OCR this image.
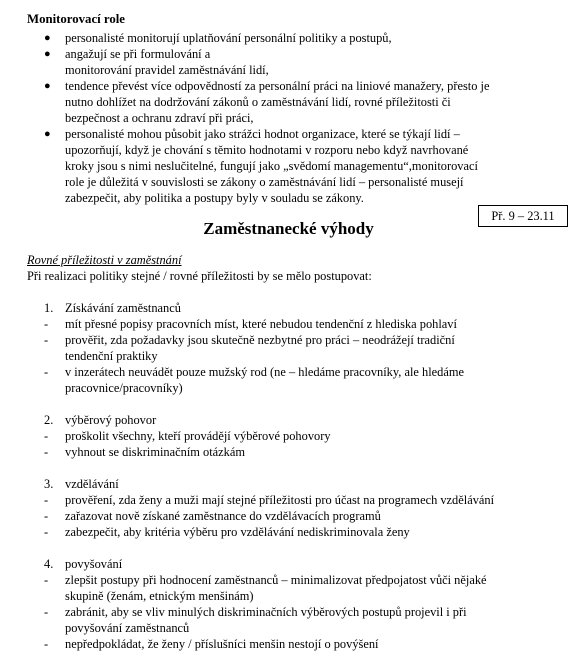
Monitorovací role
● personalisté monitorují uplatňování personální politiky a postupů,
● angažují se při formulování a
monitorování pravidel zaměstnávání lidí,
● tendence převést více odpovědností za personální práci na liniové manažery, přesto je
nutno dohlížet na dodržování zákonů o zaměstnávání lidí, rovné příležitosti či
bezpečnost a ochranu zdraví při práci,
● personalisté mohou působit jako strážci hodnot organizace, které se týkají lidí –
upozorňují, když je chování s těmito hodnotami v rozporu nebo když navrhované
kroky jsou s nimi neslučitelné, fungují jako „svědomí managementu“,monitorovací
role je důležitá v souvislosti se zákony o zaměstnávání lidí – personalisté musejí
zabezpečit, aby politika a postupy byly v souladu se zákony.
Př. 9 – 23.11
Zaměstnanecké výhody
Rovné příležitosti v zaměstnání
Při realizaci politiky stejné / rovné příležitosti by se mělo postupovat:
1. Získávání zaměstnanců
- mít přesné popisy pracovních míst, které nebudou tendenční z hlediska pohlaví
- prověřit, zda požadavky jsou skutečně nezbytné pro práci – neodrážejí tradiční
tendenční praktiky
- v inzerátech neuvádět pouze mužský rod (ne – hledáme pracovníky, ale hledáme
pracovnice/pracovníky)
2. výběrový pohovor
- proškolit všechny, kteří provádějí výběrové pohovory
- vyhnout se diskriminačním otázkám
3. vzdělávání
- prověření, zda ženy a muži mají stejné příležitosti pro účast na programech vzdělávání
- zařazovat nově získané zaměstnance do vzdělávacích programů
- zabezpečit, aby kritéria výběru pro vzdělávání nediskriminovala ženy
4. povyšování
- zlepšit postupy při hodnocení zaměstnanců – minimalizovat předpojatost vůči nějaké
skupině (ženám, etnickým menšinám)
- zabránit, aby se vliv minulých diskriminačních výběrových postupů projevil i při
povyšování zaměstnanců
- nepředpokládat, že ženy / příslušníci menšin nestojí o povýšení
